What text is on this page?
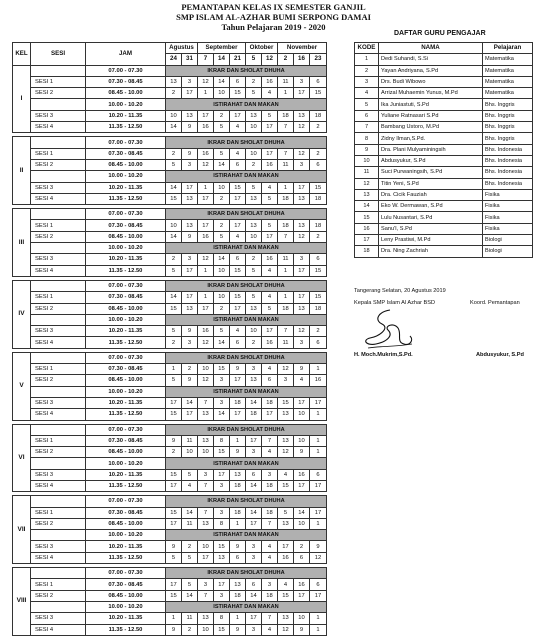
PEMANTAPAN KELAS IX SEMESTER GANJIL
SMP ISLAM AL-AZHAR BUMI SERPONG DAMAI
Tahun Pelajaran 2019 - 2020
KEL	SESI	JAM	Agustus		September			Oktober		November		
			24	31	7	14	21	5	12	2	16	23
I		07.00 - 07.30	IKRAR DAN SHOLAT DHUHA									
	SESI 1	07.30 - 08.45	13	3	12	14	6	2	16	11	3	6
	SESI 2	08.45 - 10.00	2	17	1	10	15	5	4	1	17	15
		10.00 - 10.20	ISTIRAHAT DAN MAKAN									
	SESI 3	10.20 - 11.35	10	13	17	2	17	13	5	18	13	18
	SESI 4	11.35 - 12.50	14	9	16	5	4	10	17	7	12	2

II		07.00 - 07.30	IKRAR DAN SHOLAT DHUHA									
	SESI 1	07.30 - 08.45	2	9	16	5	4	10	17	7	12	2
	SESI 2	08.45 - 10.00	5	3	12	14	6	2	16	11	3	6
		10.00 - 10.20	ISTIRAHAT DAN MAKAN									
	SESI 3	10.20 - 11.35	14	17	1	10	15	5	4	1	17	15
	SESI 4	11.35 - 12.50	15	13	17	2	17	13	5	18	13	18

III		07.00 - 07.30	IKRAR DAN SHOLAT DHUHA									
	SESI 1	07.30 - 08.45	10	13	17	2	17	13	5	18	13	18
	SESI 2	08.45 - 10.00	14	9	16	5	4	10	17	7	12	2
		10.00 - 10.20	ISTIRAHAT DAN MAKAN									
	SESI 3	10.20 - 11.35	2	3	12	14	6	2	16	11	3	6
	SESI 4	11.35 - 12.50	5	17	1	10	15	5	4	1	17	15

IV		07.00 - 07.30	IKRAR DAN SHOLAT DHUHA									
	SESI 1	07.30 - 08.45	14	17	1	10	15	5	4	1	17	15
	SESI 2	08.45 - 10.00	15	13	17	2	17	13	5	18	13	18
		10.00 - 10.20	ISTIRAHAT DAN MAKAN									
	SESI 3	10.20 - 11.35	5	9	16	5	4	10	17	7	12	2
	SESI 4	11.35 - 12.50	2	3	12	14	6	2	16	11	3	6

V		07.00 - 07.30	IKRAR DAN SHOLAT DHUHA									
	SESI 1	07.30 - 08.45	1	2	10	15	9	3	4	12	9	1
	SESI 2	08.45 - 10.00	5	9	12	3	17	13	6	3	4	16
		10.00 - 10.20	ISTIRAHAT DAN MAKAN									
	SESI 3	10.20 - 11.35	17	14	7	3	18	14	18	15	17	17
	SESI 4	11.35 - 12.50	15	17	13	14	17	18	17	13	10	1

VI		07.00 - 07.30	IKRAR DAN SHOLAT DHUHA									
	SESI 1	07.30 - 08.45	9	11	13	8	1	17	7	13	10	1
	SESI 2	08.45 - 10.00	2	10	10	15	9	3	4	12	9	1
		10.00 - 10.20	ISTIRAHAT DAN MAKAN									
	SESI 3	10.20 - 11.35	15	5	3	17	13	6	3	4	16	6
	SESI 4	11.35 - 12.50	17	4	7	3	18	14	18	15	17	17

VII		07.00 - 07.30	IKRAR DAN SHOLAT DHUHA									
	SESI 1	07.30 - 08.45	15	14	7	3	18	14	18	5	14	17
	SESI 2	08.45 - 10.00	17	11	13	8	1	17	7	13	10	1
		10.00 - 10.20	ISTIRAHAT DAN MAKAN									
	SESI 3	10.20 - 11.35	9	2	10	15	9	3	4	17	2	9
	SESI 4	11.35 - 12.50	5	5	17	13	6	3	4	16	6	12

VIII		07.00 - 07.30	IKRAR DAN SHOLAT DHUHA									
	SESI 1	07.30 - 08.45	17	5	3	17	13	6	3	4	16	6
	SESI 2	08.45 - 10.00	15	14	7	3	18	14	18	15	17	17
		10.00 - 10.20	ISTIRAHAT DAN MAKAN									
	SESI 3	10.20 - 11.35	1	11	13	8	1	17	7	13	10	1
	SESI 4	11.35 - 12.50	9	2	10	15	9	3	4	12	9	1
DAFTAR GURU PENGAJAR
KODE	NAMA	Pelajaran
1	Dedi Suhandi, S.Si	Matematika
2	Yayan Andriyana, S.Pd	Matematika
3	Drs. Budi Wibowo	Matematika
4	Arrizal Muhaemin Yunus, M.Pd	Matematika
5	Ika Juniastuti, S.Pd	Bhs. Inggris
6	Yuliane Ratnasari S.Pd	Bhs. Inggris
7	Bambang Ustoro, M.Pd	Bhs. Inggris
8	Zidny Ilman,S.Pd.	Bhs. Inggris
9	Dra. Plani Mulyaminingsih	Bhs. Indonesia
10	Abdusyukur, S.Pd	Bhs. Indonesia
11	Suci Purwaningsih, S.Pd	Bhs. Indonesia
12	Titin Yeni, S.Pd	Bhs. Indonesia
13	Dra. Cicik Fauziah	Fisika
14	Eko W. Dermawan, S.Pd	Fisika
15	Lulu Nusantari, S.Pd	Fisika
16	Sanu'I, S.Pd	Fisika
17	Leny Prastiwi, M.Pd	Biologi
18	Dra. Ning Zachriah	Biologi
Tangerang Selatan, 20 Agustus 2019
Kepala SMP Islam Al Azhar BSD	Koord. Pemantapan
H. Moch.Mukrim,S.Pd.	Abdusyukur, S.Pd
